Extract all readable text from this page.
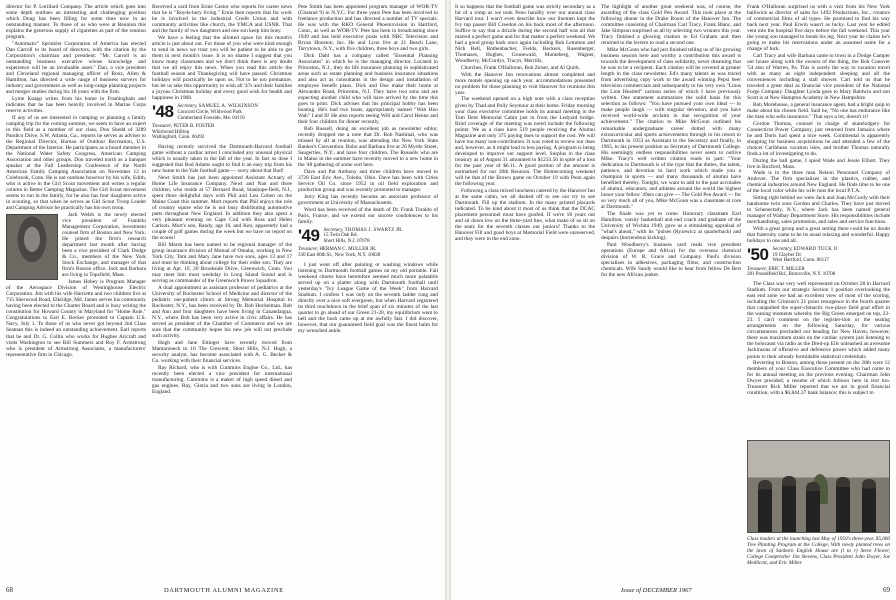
director for P. Lorillard Company. The article which goes into some depth outlines an interesting and challenging position which Doug has been filling for some time now in an outstanding manner. To those of us who were at Reunion this explains the generous supply of cigarettes as part of the reunion program.

"Automatic" Sprinkler Corporation of America has elected Dan Carroll to its board of directors, with the citation by the Corporation's chairman and president: "Mr. Carroll is an outstanding business executive whose knowledge and experience will be an invaluable asset." Dan, a vice president and Cleveland regional managing officer of Booz, Allen & Hamilton, has directed a wide range of business surveys for industry and government as well as long-range planning projects and merger studies during his 18 years with the firm.

Lyme Knapp writes from his home in Framingham and indicates that he has been heavily involved in Marine Corps reserve activities.

If any of us are interested in camping or planning a family camping trip for the coming summer, we seem to have an expert in this field as a member of our class, Don Shedd of 3289 Pandico Drive, S.W. Atlanta, Ga., reports he serves as adviser to the Regional Director, Bureau of Outdoor Recreation, U.S. Department of the Interior. He participates as a board member in the National Water Safety Congress, American Camping Association and other groups. Don traveled north as a banquet speaker at the Fall Leadership Conference of the North American Family Camping Association on November 12 in Colebrook, Conn. He is not outdone however by his wife, Edith, who is active in the Girl Scout movement and writes a regular column in Better Camping Magazine. The Girl Scout movement seems to run in the family, for he also has four daughters active in scouting, so that when he serves as Girl Scout Troop Leader and Camping Advisor he practically has his own troop.

Jack Welsh is the newly elected vice president of Franklin Management Corporation, investment counsel firm of Boston and New York. He joined the firm's research department last month after having been a vice president of Clark Dodge & Co., members of the New York Stock Exchange, and manager of that firm's Boston office. Jack and Barbara are living in Topsfield, Mass.

James Hobey is Program Manager of the Aerospace Division of Westinghouse Electric Corporation. Jim with his wife Harriette and two children live at 715 Sherwood Road, Elkridge, Md. James serves his community having been elected to the Charter Board and is busy writing the constitution for Howard County in Maryland for "Home Rule." Congratulations to Earl E. Becker promoted to Captain U.S. Navy, July 1. To those of us who never got beyond 2nd Class Seaman this is indeed an outstanding achievement. Earl reports that he and Dr. G. Collin who works for Hughes Aircraft and visits Washington to see Bill Summers and Roy F. Armstrong who is president of Armstrong Associates, a manufacturers' representative firm in Chicago.

Received a card from Ernie Castor who reports for career news that he is "Boyds-bury living." Ernie then reports that for work he is involved in the industrial Credit Union and with community activities like church, the YMCA and USNR. That and the family of two daughters and one son keep him busy.

We have a feeling that the allotted space for this month's article is just about out. For those of you who were kind enough to send in news we trust you will be patient to be able to get them in next month's issue. It is no shame I suggest that you know many classmates and we don't think there is any doubt that we all enjoy this news. When you read this article the football season and Thanksgiving will have passed. Christmas holidays will practically be upon us. Not to be too premature, but let us take this opportunity to wish all '47s and their families a joyous Christmas holiday and every good wish for health and happiness in 1968.

'48 Secretary, SAMUEL A. WILKINSON
Concord Circle, Wildwood Park
Cumberland Foreside, Me. 04110
Treasurer, PETER B. FOSTER
Whirlwind Hilltop
Wallingford, Conn. 06492

Having recently survived the Dartmouth-Harvard football game without a cardiac arrest I concluded any unusual physical which is usually taken in the fall of the year. In fact so dose I suggested that Bud Adams ought to find it an easy trip from his new home to the Yale football game — sorry about that Bud!

Newt Smith has just been appointed Assistant Actuary of Home Life Insurance Company. Newt and Nan and three children, who reside at 57 Bernard Road, Stanhope-field, N.J., spent three delightful days with Phil and Lou Cohen on the Maine Coast this summer. Mort reports that Phil enjoys the role of country squire who he is not busy distributing automotive parts throughout New England. In addition they also spent a very pleasant evening on Cape Cod with Russ and Helen Carlson. Mort's son, Randy, age 16, and Ken, apparently had a couple of golf games during the week but we have no report on the scores!

Bill Marsh has been named to be regional manager of the group insurance division of Mutual of Omaha, working in New York City. Tom and Mary Jane have two sons, ages 13 and 17 and must be thinking about college for their elder son. They are living at Apt. 1F, 20 Brookside Drive, Greenwich, Conn. You may meet him most weekday in Long Island Sound and is serving as commander of the Greenwich Power Squadron.

A dual appointment as assistant professor of pediatrics at the University of Rochester School of Medicine and director of the pediatric out-patient clinics at Strong Memorial Hospital in Rochester, N.Y., has been received by Dr. Rob Hockelman. Bob and Ann and four daughters have been living in Canandaigua, N.Y., where Bob has been very active in civic affairs. He has served as president of the Chamber of Commerce and we are sure that the community hopes his new job will not preclude such activity.

Hugh and Jane Ettinger have recently moved from Mamaroneck to 16 The Crescent, Short Hills, N.J. Hugh, a security analyst, has become associated with A. G. Becker & Co. working with their financial services.

Ray Richard, who is with Cummins Engine Co., Ltd., has recently been elected a vice president for international manufacturing. Cummins is a maker of high speed diesel and gas engines. Ray, Gloria and two sons are living in London, England.

Pete Smith has been appointed program manager of WOR-TV (Channel 9) in N.Y.C. For three years Pete has been involved in freelance production and has directed a number of TV specials. He was with the RKO General Phoenixvision in Hartford, Conn., as well as WOR-TV. Pete has been in broadcasting since 1949 and has held executive posts with NBC Television and Bryan Houston, Inc. He and Lynn live at 21 Beach Lane, Tarrytown, N.Y., with five children, three boys and two girls.

Dick Dahl has a company called "Essential Planning Associates" in which he is the managing director. Located in Princeton, N.J., they do life insurance planning in sophisticated areas such as estate planning and business insurance situations and also act as consultants in the design and installation of employee benefit plans. Dick and Doe make their home at Alexander Road, Princeton, N.J. They have two sons and are expecting another child who will have arrived by the time this goes to print. Dick advises that his principal hobby has been boating. He's had two boats, appropriately named "Wah Hoo Wah" I and II! He also reports seeing Will and Carol Henne and their four children for dinner recently.

Bob Russell, doing an excellent job as newsletter editor, recently dropped me a note that Dr. Bob Nashinal, who was missed by all at reunion, was attending the New York State Banker's Convention. Bobo and Barbara live at 26 Myrtle Street, Saugerties, N.Y., and have four children. The Russells who are in Maine in the summer have recently moved to a new home in the '48 gathering of some sort here.

Dave and Pat Anthony and three children have moved to 3728 East Eric Ave., Toledo, Ohio. Dave has been with Cities Service Oil Co. since 1952 in oil field exploration and production group and was recently promoted to manager.

Jerry King has recently become an associate professor of government at University of Massachusetts.

Word has been received of the death of Dr. Frank Toraldo of Paris, France, and we extend our sincere condolences to his family.

'49 Secretary, THOMAS J. SWARTZ JR.
15 Twin Oak Rd.
Short Hills, N.J. 07078
Treasurer, HERMAN C. MULLER JR.
330 East 80th St., New York, N.Y. 10028

I just went off after painting or washing windows while listening to Dartmouth football games on my old portable. Fall weekend chores have heretofore seemed much more palatable served up on a platter along with Dartmouth football until yesterday's "Ivy League Game of the Week" from Harvard Stadium. I confess I was only on the seventh ladder rung and directly over a nice soft evergreen, but when Harvard registered its third touchdown in the brief span of six minutes of the last quarter to go ahead of our Green 21-20, my equilibrium went to hell and the bush came up at me awfully fast. I did discover, however, that our guaranteed field goal was the finest balm for my wrenched ankle.

68	DARTMOUTH ALUMNI MAGAZINE

It so happens that the football game was strictly secondary as a bit of a romp as we took Penn handily over our annual class Harvard tour. I won't even describe how our linemen kept the Ivy top passer Bill Creedon on his back most of the afternoon. Suffice to say that a drizzle during the second half was all that marred a perfect game and for that matter a perfect weekend. We had a good group back once again including Bob Lemmon and Nick Bell, Rothenbacher, Fields, Beckers, Rasenberger, Thomases, Hughes, Grunewald, Monteberg, Wagner, Woodberry, McCurdys, Tracys, Merrills,

Churches, Frank O'Halloran, Bob Zeiser, and Al Quirk.

With the Hanover Inn renovations almost completed and more motels opening up each year, accommodations presented no problem for those planning to visit Hanover for reunions this year.

The weekend opened on a high note with a class reception given by Thad and Polly Seymour at their home. Friday morning your class executive committee holds its annual meeting in the Tom Dent Memorial Cabin just in from the Ledyard bridge. Brief coverage of the meeting was noted include the following points: We as a class have 519 people receiving the Alumni Magazine and only 375 paying dues to support the cost. We will have too many non-contributors. It was voted to review our dues and, however, as it might lead to less paying. A program is being developed to improve our support level. Surplus in the class treasury as of August 31 amounted to $1233.56 in spite of a loss for the past year of $6.11. A good portion of the amount is earmarked for our 20th Reunion. The Homecoming weekend will be that of the Brown game on October 19 with Penn again the following year.

Following a class mixed luncheon catered by the Hanover Inn at the same cabin, we all dashed off to see our try to see Dartmouth. Fill up the stadium. In the many printed placards indicated. To be kind about it most of us think that the DCAC placement personnel must have goofed. If we're 18 years out and sit down low on the three-yard line, what make of us sit on the seats for the seventh classes our juniors? Thanks to the Hanover Fill and good boys at Memorial Field were unreserved, and they were in the end zone.

The highlight of another great weekend was, of course, the awarding of the class Gold Pen Award. This took place at the following dinner in the Drake Room of the Hanover Inn. The committee consisting of Chairman Carl Tracy, Frank Blanc, and Jake Simpson surprised us all by selecting two winners this year. Tracy finished a glowing citation to Ed Graham and then returned to the lectern to read a second one.

Mike McGoun who had just finished telling us of his growing business session here and worthy a contribution this award is towards the development of class solidarity, never dreaming that he was to be a recipient. Each citation will be covered at greater length in the class newsletter. Ed's many talents as was traced from advertising copy work to the award winning Pepsi beer television commercials and subsequently to his very own "Linus the Lion Hearted" cartoon series of which I have previously written. One statement summarizes the solid basis for this selection as follows: "You have pursued your own ideal — to make people laugh — with singular devotion, and you have received world-wide acclaim in due recognition of your achievement." The citation to Mike McGoun outlined his remarkable undergraduate career dotted with many extracurricular and sports achievements through to his return to Dartmouth in 1953 as Assistant to the Secretary and finally, in 1965, to his present position as Secretary of Dartmouth College. His seemingly endless responsibilities never seem to outlive Mike. Tracy's well written citation reads in part: "Your dedication to Dartmouth is of the type that the duties, the talent, patience, and devotion to hard work which made you a champion in sports — and many thousands of alumni have benefited thereby. Tonight, we want to add to the past accolades of alumni, educators, and athletes around the world the highest honor your fellow '49ers can give — The Gold Pen Award — for so very much all of you, Mike McGoun was a classmate at core at Dartmouth."

The finale was yet to come. Honorary classmate Earl Hamilton, varsity basketball and end coach and graduate of the University of Wichita 1949, gave us a stimulating appraisal of "what's ahead," with its "pulses (Ryzewicz at quarterback) and despairs (horrendous kicking).

Paul Woodberry's business card reads vice president operations (Europe and Africa) for the overseas chemical division of W. R. Grace and Company. Paul's division specializes in adhesives, packaging films, and construction chemicals. Wife Sandy would like to hear from fellow De Bert for the new African junket.

Frank O'Halloran surprised us with a visit from his New York bailiwick as director of sales for 1492 Productions, Inc., creators of commercial films of all types. He promised to find his way back next year. Paul Erwin wasn't as lucky. Last year he edited vent into the hospital five days before the fall weekend. This year the young son managed to break his leg. Next year he claims he's going to make his reservations under an assumed name for a change of luck.

Carl Tracy and wife Barbara came to town in a Dodge Camper our house along with the owners of the thing, the Bob Conover '54 also of Warren, Pa. This is surely the way to vacation travel with as many as eight independent sleeping and all the conveniences including a stall shower. Carl told us that he traveled a great deal as financial vice president of the National Forge Company. Daughter Lynda goes to Mary Baldwin and son Scott is at New Hampton Academy in New Hampshire.

Bob Morehouse, a general insurance agent, had a bright quip to make about his chosen field. Said he, "No one has endurance like the man who sells insurance." That says a lot, doesn't it?

Gordon Thomas, counsel in charge of skatelodgery for Connecticut Power Company, just returned from Jamaica where he and Doris had spent a nice week. Continental is apparently shopping for business acquisitions he and attended a few of the choicer Caribbean vacation isles, and brother Thomas naturally finds a lot of investigating to do.

During the ball game, I spied Wade and Jessie Elliott. They live in Boxford, Mass.

Wade is in the three man Nelson Personnel Company of Andover. The firm specializes in the plastics, rubber, and chemical industries around New England. He finds time to be one of the local color while his wife runs the local P.T.A.

Sitting right behind we were Jack and Joan McCurdy with their handsome twin sons Gordon and Charles. They have just moved to Schenectady, N.Y., where Jack has been named general manager of Walbay Department Store. His responsibilities include merchandising, sales promotion, and sales and service functions.

With a great group and a great setting there could be no doubt that fraternity came to be its usual relaxing and wonderful. Happy holidays to one and all.

'50 Secretary, EDWARD TUCK II
19 Clayber Dr.
West Hartford, Conn. 06117
Treasurer, ERIC T. MILLER
281 Poundfield Rd., Bronxville, N.Y. 10708

The Class was very well represented on October 28 in Harvard Stadium. From our strategic Section 1 position overlooking the east end zone we had an excellent view of most of the scoring, including the Crimson's 21 point resurgence in the fourth quarter that catapulted the super-climactic two-place field goal effort in the waning moments whereby the Big Green emerged on top, 23-21. I can't comment on the register-tion or the seating arrangements on the following Saturday, for various circumstances precluded our heading for New Haven, however, there was maximum strain on the cardiac system just listening to the holocaust via radio as the Dred-up Eils unleashed an awesome Jackinsons of offensive and defensive power which added many points to their already formidable statistical credentials.

Reverting to Boston, among those present on the 28th were 12 members of your Class Executive Committee who had come in for its annual meeting on the previous evening. Chairman John Dwyer presided; a resume of which follows here in text too. Treasurer Rick Miller reported that we are in good financial condition, with a $6,844.37 bank balance; this is subject to

Class leaders at the launching last May of 1950's three-year, $5,000 Tree Planting Program at the College, With newly planted trees on the lawn of Sanborn English House are (l to r) Steve Flower, College Comptroller Jim Stevens, Class President John Dwyer, Joe Medlicott, and Eric Miller.
Issue of DECEMBER 1967	69
